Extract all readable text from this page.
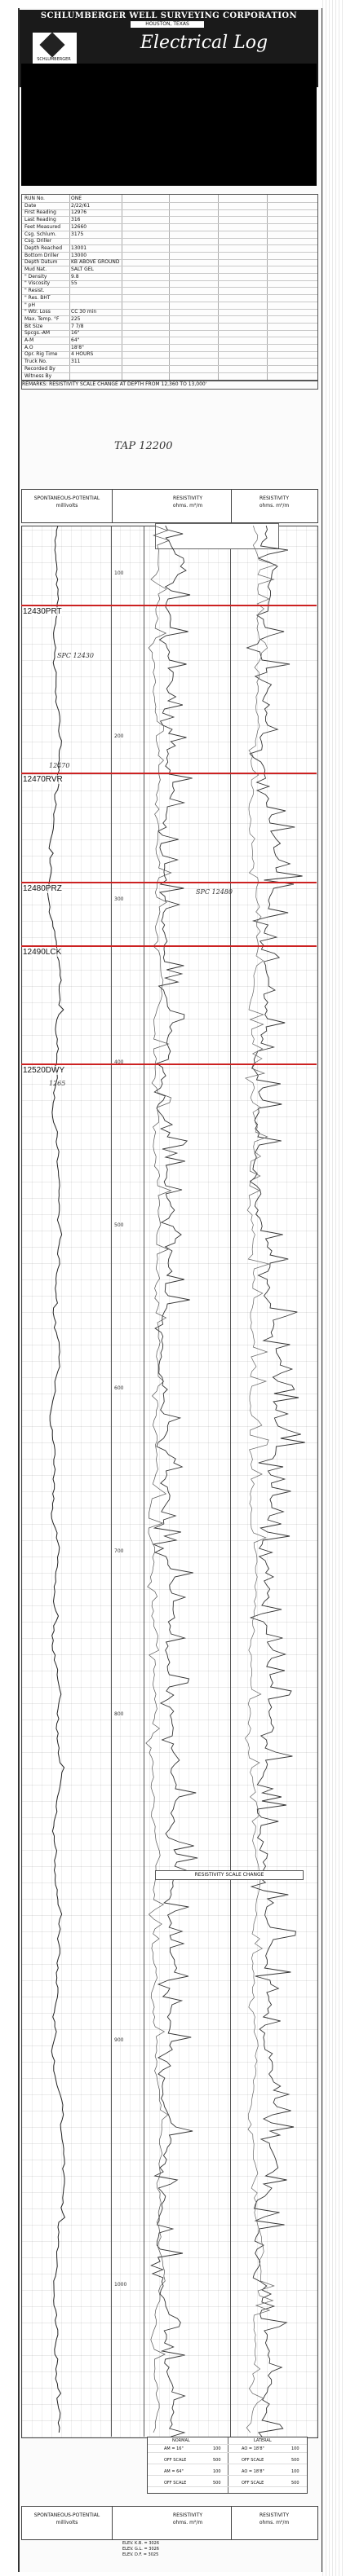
SCHLUMBERGER WELL SURVEYING CORPORATION
HOUSTON, TEXAS
SCHLUMBERGER
Electrical Log
RUN No.	ONE
Date	2/22/61
First Reading	12976
Last Reading	316
Feet Measured	12660
Csg. Schlum.	3175
Csg. Driller
Depth Reached	13001
Bottom Driller	13000
Depth Datum	KB ABOVE GROUND
Mud Nat.	SALT GEL
" Density	9.8
" Viscosity	55
" Resist.
" Res. BHT
" pH
" Wtr. Loss	CC 30 min
Max. Temp. °F	225
Bit Size	7 7/8
Spcgs.-AM	16"
A-M	64"
A.O	18'8"
Opr. Rig Time	4 HOURS
Truck No.	311
Recorded By
Witness By
REMARKS: RESISTIVITY SCALE CHANGE AT DEPTH FROM 12,360 TO 13,000'
TAP 12200
SPONTANEOUS-POTENTIAL
millivolts
RESISTIVITY
ohms. m²/m
RESISTIVITY
ohms. m²/m
12430PRT
SPC 12430
12470RVR
12470
12480PRZ	SPC 12480
12490LCK
12520DWY
1265
100
200
300
400
500
600
700
800
900
1000
RESISTIVITY SCALE CHANGE
NORMAL	LATERAL
AM = 16"	100	AO = 18'8"	100
OFF SCALE	500	OFF SCALE	500
AM = 64"	100	AO = 18'8"	100
OFF SCALE	500	OFF SCALE	500
SPONTANEOUS-POTENTIAL
millivolts
RESISTIVITY
ohms. m²/m
RESISTIVITY
ohms. m²/m
ELEV. K.B. = 3026
ELEV. G.L. = 3026
ELEV. D.F. = 3025
